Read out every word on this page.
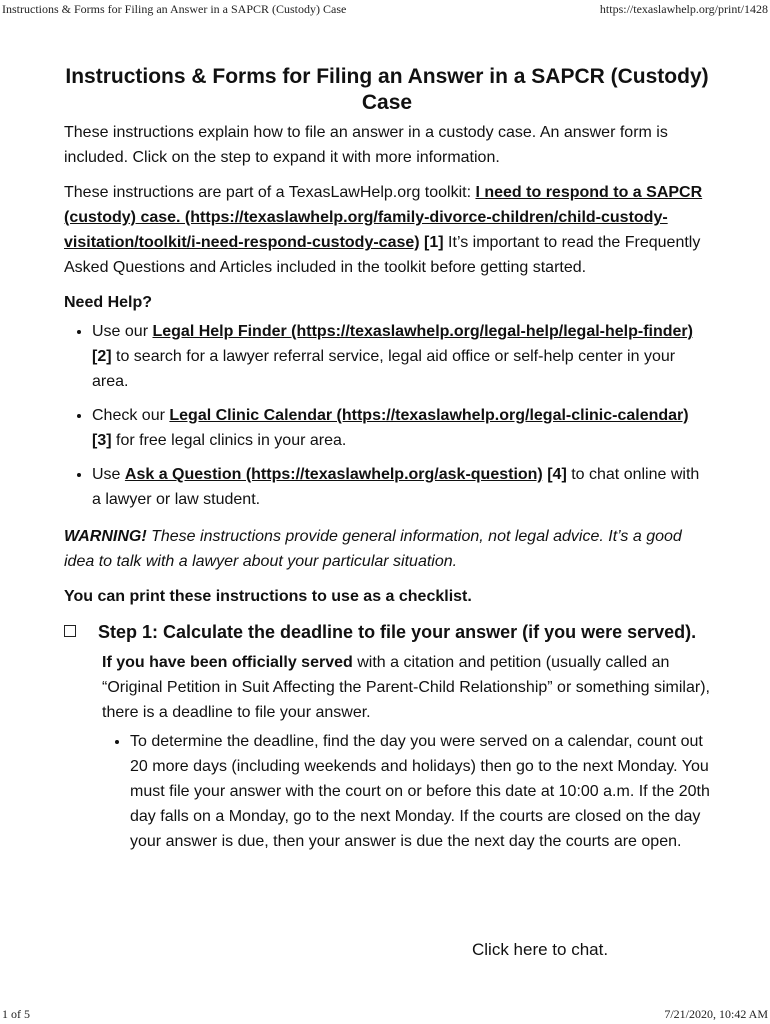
Instructions & Forms for Filing an Answer in a SAPCR (Custody) Case	https://texaslawhelp.org/print/1428
Instructions & Forms for Filing an Answer in a SAPCR (Custody) Case

These instructions explain how to file an answer in a custody case. An answer form is included. Click on the step to expand it with more information.

These instructions are part of a TexasLawHelp.org toolkit: I need to respond to a SAPCR (custody) case. (https://texaslawhelp.org/family-divorce-children/child-custody-visitation/toolkit/i-need-respond-custody-case) [1] It’s important to read the Frequently Asked Questions and Articles included in the toolkit before getting started.

Need Help?

• Use our Legal Help Finder (https://texaslawhelp.org/legal-help/legal-help-finder) [2] to search for a lawyer referral service, legal aid office or self-help center in your area.
• Check our Legal Clinic Calendar (https://texaslawhelp.org/legal-clinic-calendar) [3] for free legal clinics in your area.
• Use Ask a Question (https://texaslawhelp.org/ask-question) [4] to chat online with a lawyer or law student.

WARNING! These instructions provide general information, not legal advice. It’s a good idea to talk with a lawyer about your particular situation.

You can print these instructions to use as a checklist.

Step 1: Calculate the deadline to file your answer (if you were served).
If you have been officially served with a citation and petition (usually called an “Original Petition in Suit Affecting the Parent-Child Relationship” or something similar), there is a deadline to file your answer.
• To determine the deadline, find the day you were served on a calendar, count out 20 more days (including weekends and holidays) then go to the next Monday. You must file your answer with the court on or before this date at 10:00 a.m. If the 20th day falls on a Monday, go to the next Monday. If the courts are closed on the day your answer is due, then your answer is due the next day the courts are open.
Click here to chat.
1 of 5	7/21/2020, 10:42 AM
